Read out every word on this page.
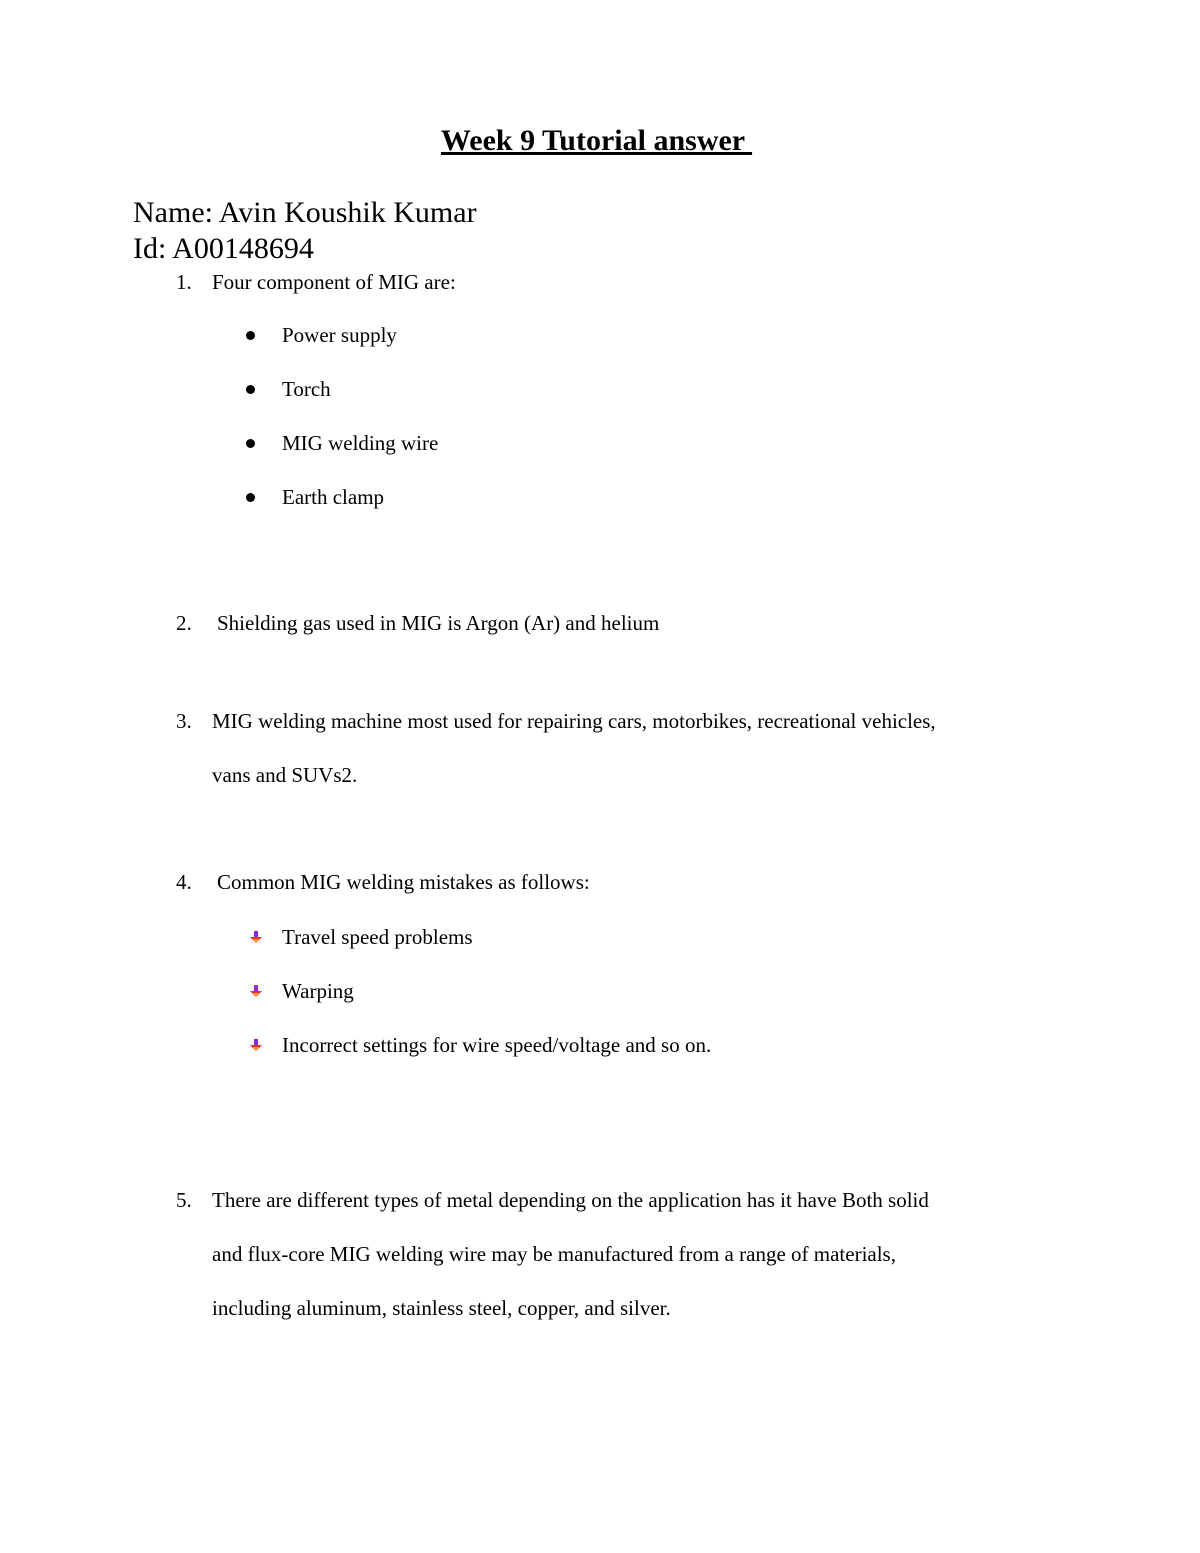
Week 9 Tutorial answer
Name: Avin Koushik Kumar
Id: A00148694
1. Four component of MIG are:
Power supply
Torch
MIG welding wire
Earth clamp
2. Shielding gas used in MIG is Argon (Ar) and helium
3. MIG welding machine most used for repairing cars, motorbikes, recreational vehicles,
vans and SUVs2.
4. Common MIG welding mistakes as follows:
Travel speed problems
Warping
Incorrect settings for wire speed/voltage and so on.
5. There are different types of metal depending on the application has it have Both solid
and flux-core MIG welding wire may be manufactured from a range of materials,
including aluminum, stainless steel, copper, and silver.
